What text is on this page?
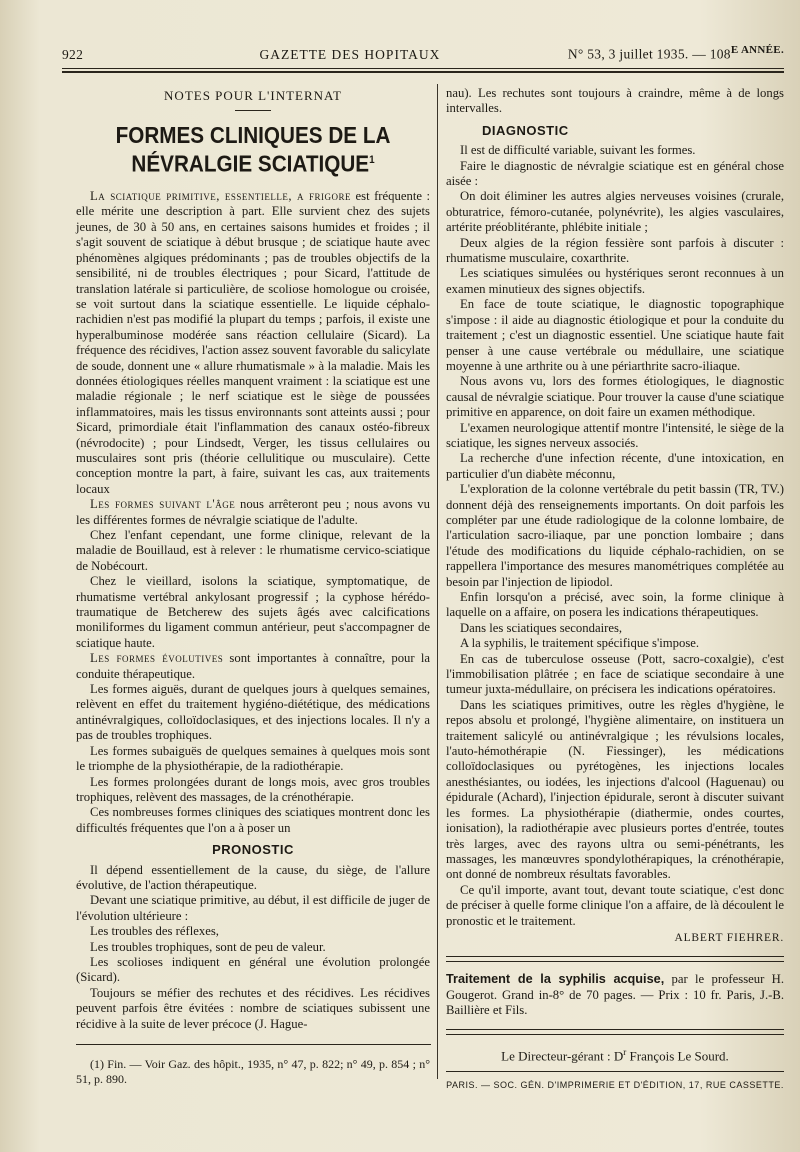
922	GAZETTE DES HOPITAUX	N° 53, 3 juillet 1935. — $108^{E ANNÉE.}$
NOTES POUR L'INTERNAT
FORMES CLINIQUES DE LA NÉVRALGIE SCIATIQUE$^1$

La sciatique primitive, essentielle, a frigore est fréquente : elle mérite une description à part. Elle survient chez des sujets jeunes, de 30 à 50 ans, en certaines saisons humides et froides ; il s'agit souvent de sciatique à début brusque ; de sciatique haute avec phénomènes algiques prédominants ; pas de troubles objectifs de la sensibilité, ni de troubles électriques ; pour Sicard, l'attitude de translation latérale si particulière, de scoliose homologue ou croisée, se voit surtout dans la sciatique essentielle. Le liquide céphalo-rachidien n'est pas modifié la plupart du temps ; parfois, il existe une hyperalbuminose modérée sans réaction cellulaire (Sicard). La fréquence des récidives, l'action assez souvent favorable du salicylate de soude, donnent une « allure rhumatismale » à la maladie. Mais les données étiologiques réelles manquent vraiment : la sciatique est une maladie régionale ; le nerf sciatique est le siège de poussées inflammatoires, mais les tissus environnants sont atteints aussi ; pour Sicard, primordiale était l'inflammation des canaux ostéo-fibreux (névrodocite) ; pour Lindsedt, Verger, les tissus cellulaires ou musculaires sont pris (théorie cellulitique ou musculaire). Cette conception montre la part, à faire, suivant les cas, aux traitements locaux

Les formes suivant l'âge nous arrêteront peu ; nous avons vu les différentes formes de névralgie sciatique de l'adulte.

Chez l'enfant cependant, une forme clinique, relevant de la maladie de Bouillaud, est à relever : le rhumatisme cervico-sciatique de Nobécourt.

Chez le vieillard, isolons la sciatique, symptomatique, de rhumatisme vertébral ankylosant progressif ; la cyphose hérédo-traumatique de Betcherew des sujets âgés avec calcifications moniliformes du ligament commun antérieur, peut s'accompagner de sciatique haute.

Les formes évolutives sont importantes à connaître, pour la conduite thérapeutique.

Les formes aiguës, durant de quelques jours à quelques semaines, relèvent en effet du traitement hygiéno-diététique, des médications antinévralgiques, colloïdoclasiques, et des injections locales. Il n'y a pas de troubles trophiques.

Les formes subaiguës de quelques semaines à quelques mois sont le triomphe de la physiothérapie, de la radiothérapie.

Les formes prolongées durant de longs mois, avec gros troubles trophiques, relèvent des massages, de la crénothérapie.

Ces nombreuses formes cliniques des sciatiques montrent donc les difficultés fréquentes que l'on a à poser un

PRONOSTIC

Il dépend essentiellement de la cause, du siège, de l'allure évolutive, de l'action thérapeutique.

Devant une sciatique primitive, au début, il est difficile de juger de l'évolution ultérieure :

Les troubles des réflexes,

Les troubles trophiques, sont de peu de valeur.

Les scolioses indiquent en général une évolution prolongée (Sicard).

Toujours se méfier des rechutes et des récidives. Les récidives peuvent parfois être évitées : nombre de sciatiques subissent une récidive à la suite de lever précoce (J. Hague-

(1) Fin. — Voir Gaz. des hôpit., 1935, n° 47, p. 822; n° 49, p. 854 ; n° 51, p. 890.

nau). Les rechutes sont toujours à craindre, même à de longs intervalles.

DIAGNOSTIC

Il est de difficulté variable, suivant les formes.

Faire le diagnostic de névralgie sciatique est en général chose aisée :

On doit éliminer les autres algies nerveuses voisines (crurale, obturatrice, fémoro-cutanée, polynévrite), les algies vasculaires, artérite préoblitérante, phlébite initiale ;

Deux algies de la région fessière sont parfois à discuter : rhumatisme musculaire, coxarthrite.

Les sciatiques simulées ou hystériques seront reconnues à un examen minutieux des signes objectifs.

En face de toute sciatique, le diagnostic topographique s'impose : il aide au diagnostic étiologique et pour la conduite du traitement ; c'est un diagnostic essentiel. Une sciatique haute fait penser à une cause vertébrale ou médullaire, une sciatique moyenne à une arthrite ou à une périarthrite sacro-iliaque.

Nous avons vu, lors des formes étiologiques, le diagnostic causal de névralgie sciatique. Pour trouver la cause d'une sciatique primitive en apparence, on doit faire un examen méthodique.

L'examen neurologique attentif montre l'intensité, le siège de la sciatique, les signes nerveux associés.

La recherche d'une infection récente, d'une intoxication, en particulier d'un diabète méconnu,

L'exploration de la colonne vertébrale du petit bassin (TR, TV.) donnent déjà des renseignements importants. On doit parfois les compléter par une étude radiologique de la colonne lombaire, de l'articulation sacro-iliaque, par une ponction lombaire ; dans l'étude des modifications du liquide céphalo-rachidien, on se rappellera l'importance des mesures manométriques complétée au besoin par l'injection de lipiodol.

Enfin lorsqu'on a précisé, avec soin, la forme clinique à laquelle on a affaire, on posera les indications thérapeutiques.

Dans les sciatiques secondaires,

A la syphilis, le traitement spécifique s'impose.

En cas de tuberculose osseuse (Pott, sacro-coxalgie), c'est l'immobilisation plâtrée ; en face de sciatique secondaire à une tumeur juxta-médullaire, on précisera les indications opératoires.

Dans les sciatiques primitives, outre les règles d'hygiène, le repos absolu et prolongé, l'hygiène alimentaire, on instituera un traitement salicylé ou antinévralgique ; les révulsions locales, l'auto-hémothérapie (N. Fiessinger), les médications colloïdoclasiques ou pyrétogènes, les injections locales anesthésiantes, ou iodées, les injections d'alcool (Haguenau) ou épidurale (Achard), l'injection épidurale, seront à discuter suivant les formes. La physiothérapie (diathermie, ondes courtes, ionisation), la radiothérapie avec plusieurs portes d'entrée, toutes très larges, avec des rayons ultra ou semi-pénétrants, les massages, les manœuvres spondylothérapiques, la crénothérapie, ont donné de nombreux résultats favorables.

Ce qu'il importe, avant tout, devant toute sciatique, c'est donc de préciser à quelle forme clinique l'on a affaire, de là découlent le pronostic et le traitement.

ALBERT FIEHRER.

Traitement de la syphilis acquise, par le professeur H. Gougerot. Grand in-8° de 70 pages. — Prix : 10 fr. Paris, J.-B. Baillière et Fils.

Le Directeur-gérant : $D^r$ François Le Sourd.
PARIS. — SOC. GÉN. D'IMPRIMERIE ET D'ÉDITION, 17, RUE CASSETTE.
